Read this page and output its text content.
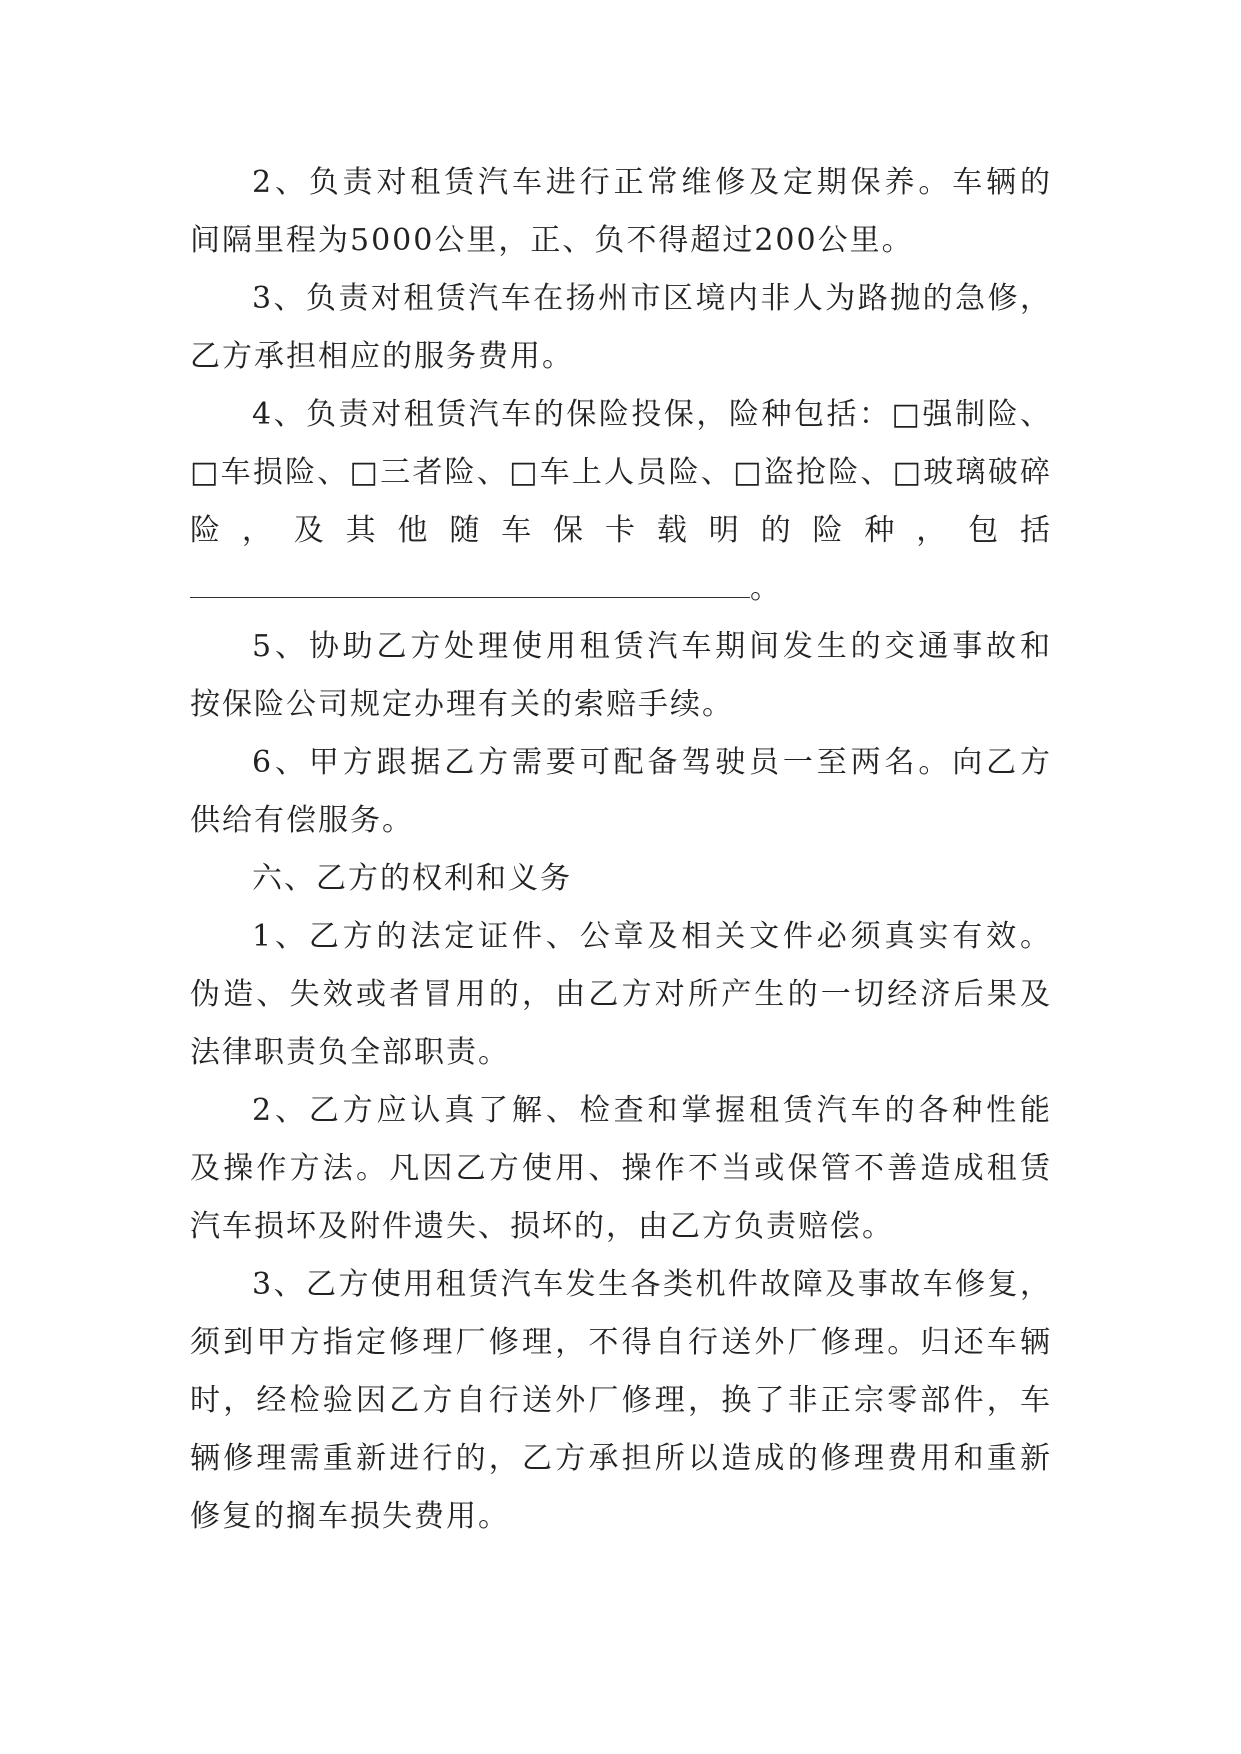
2、负责对租赁汽车进行正常维修及定期保养。车辆的
间隔里程为5000公里，正、负不得超过200公里。
3、负责对租赁汽车在扬州市区境内非人为路抛的急修，
乙方承担相应的服务费用。
4、负责对租赁汽车的保险投保，险种包括：□强制险、
□车损险、□三者险、□车上人员险、□盗抢险、□玻璃破碎
险，及其他随车保卡载明的险种，包括
。
5、协助乙方处理使用租赁汽车期间发生的交通事故和
按保险公司规定办理有关的索赔手续。
6、甲方跟据乙方需要可配备驾驶员一至两名。向乙方
供给有偿服务。
六、乙方的权利和义务
1、乙方的法定证件、公章及相关文件必须真实有效。
伪造、失效或者冒用的，由乙方对所产生的一切经济后果及
法律职责负全部职责。
2、乙方应认真了解、检查和掌握租赁汽车的各种性能
及操作方法。凡因乙方使用、操作不当或保管不善造成租赁
汽车损坏及附件遗失、损坏的，由乙方负责赔偿。
3、乙方使用租赁汽车发生各类机件故障及事故车修复，
须到甲方指定修理厂修理，不得自行送外厂修理。归还车辆
时，经检验因乙方自行送外厂修理，换了非正宗零部件，车
辆修理需重新进行的，乙方承担所以造成的修理费用和重新
修复的搁车损失费用。
